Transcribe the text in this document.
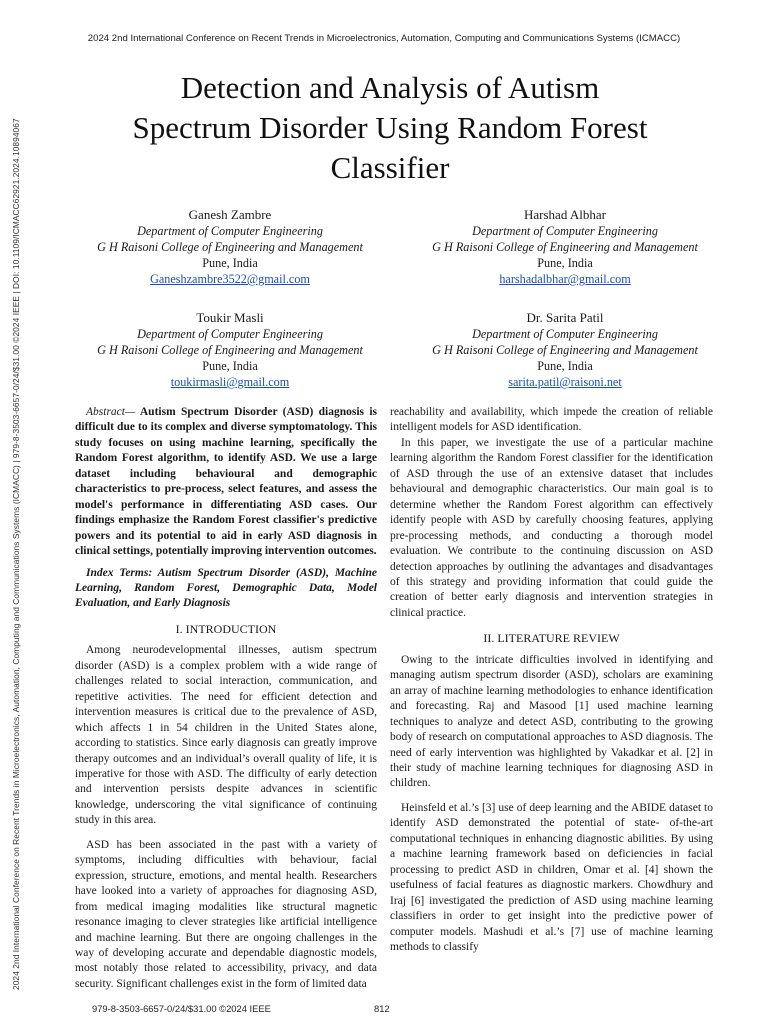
2024 2nd International Conference on Recent Trends in Microelectronics, Automation, Computing and Communications Systems (ICMACC) | 979-8-3503-6657-0/24/$31.00 ©2024 IEEE | DOI: 10.1109/ICMACC62921.2024.10894067
2024 2nd International Conference on Recent Trends in Microelectronics, Automation, Computing and Communications Systems (ICMACC)
Detection and Analysis of Autism
Spectrum Disorder Using Random Forest
Classifier
Ganesh Zambre
Department of Computer Engineering
G H Raisoni College of Engineering and Management
Pune, India
Ganeshzambre3522@gmail.com
Harshad Albhar
Department of Computer Engineering
G H Raisoni College of Engineering and Management
Pune, India
harshadalbhar@gmail.com
Toukir Masli
Department of Computer Engineering
G H Raisoni College of Engineering and Management
Pune, India
toukirmasli@gmail.com
Dr. Sarita Patil
Department of Computer Engineering
G H Raisoni College of Engineering and Management
Pune, India
sarita.patil@raisoni.net

Abstract— Autism Spectrum Disorder (ASD) diagnosis is difficult due to its complex and diverse symptomatology. This study focuses on using machine learning, specifically the Random Forest algorithm, to identify ASD. We use a large dataset including behavioural and demographic characteristics to pre-process, select features, and assess the model's performance in differentiating ASD cases. Our findings emphasize the Random Forest classifier's predictive powers and its potential to aid in early ASD diagnosis in clinical settings, potentially improving intervention outcomes.

Index Terms: Autism Spectrum Disorder (ASD), Machine Learning, Random Forest, Demographic Data, Model Evaluation, and Early Diagnosis

I. INTRODUCTION

Among neurodevelopmental illnesses, autism spectrum disorder (ASD) is a complex problem with a wide range of challenges related to social interaction, communication, and repetitive activities. The need for efficient detection and intervention measures is critical due to the prevalence of ASD, which affects 1 in 54 children in the United States alone, according to statistics. Since early diagnosis can greatly improve therapy outcomes and an individual’s overall quality of life, it is imperative for those with ASD. The difficulty of early detection and intervention persists despite advances in scientific knowledge, underscoring the vital significance of continuing study in this area.

ASD has been associated in the past with a variety of symptoms, including difficulties with behaviour, facial expression, structure, emotions, and mental health. Researchers have looked into a variety of approaches for diagnosing ASD, from medical imaging modalities like structural magnetic resonance imaging to clever strategies like artificial intelligence and machine learning. But there are ongoing challenges in the way of developing accurate and dependable diagnostic models, most notably those related to accessibility, privacy, and data security. Significant challenges exist in the form of limited data

reachability and availability, which impede the creation of reliable intelligent models for ASD identification.

In this paper, we investigate the use of a particular machine learning algorithm the Random Forest classifier for the identification of ASD through the use of an extensive dataset that includes behavioural and demographic characteristics. Our main goal is to determine whether the Random Forest algorithm can effectively identify people with ASD by carefully choosing features, applying pre-processing methods, and conducting a thorough model evaluation. We contribute to the continuing discussion on ASD detection approaches by outlining the advantages and disadvantages of this strategy and providing information that could guide the creation of better early diagnosis and intervention strategies in clinical practice.

II. LITERATURE REVIEW

Owing to the intricate difficulties involved in identifying and managing autism spectrum disorder (ASD), scholars are examining an array of machine learning methodologies to enhance identification and forecasting. Raj and Masood [1] used machine learning techniques to analyze and detect ASD, contributing to the growing body of research on computational approaches to ASD diagnosis. The need of early intervention was highlighted by Vakadkar et al. [2] in their study of machine learning techniques for diagnosing ASD in children.

Heinsfeld et al.’s [3] use of deep learning and the ABIDE dataset to identify ASD demonstrated the potential of state- of-the-art computational techniques in enhancing diagnostic abilities. By using a machine learning framework based on deficiencies in facial processing to predict ASD in children, Omar et al. [4] shown the usefulness of facial features as diagnostic markers. Chowdhury and Iraj [6] investigated the prediction of ASD using machine learning classifiers in order to get insight into the predictive power of computer models. Mashudi et al.’s [7] use of machine learning methods to classify

979-8-3503-6657-0/24/$31.00 ©2024 IEEE	812
